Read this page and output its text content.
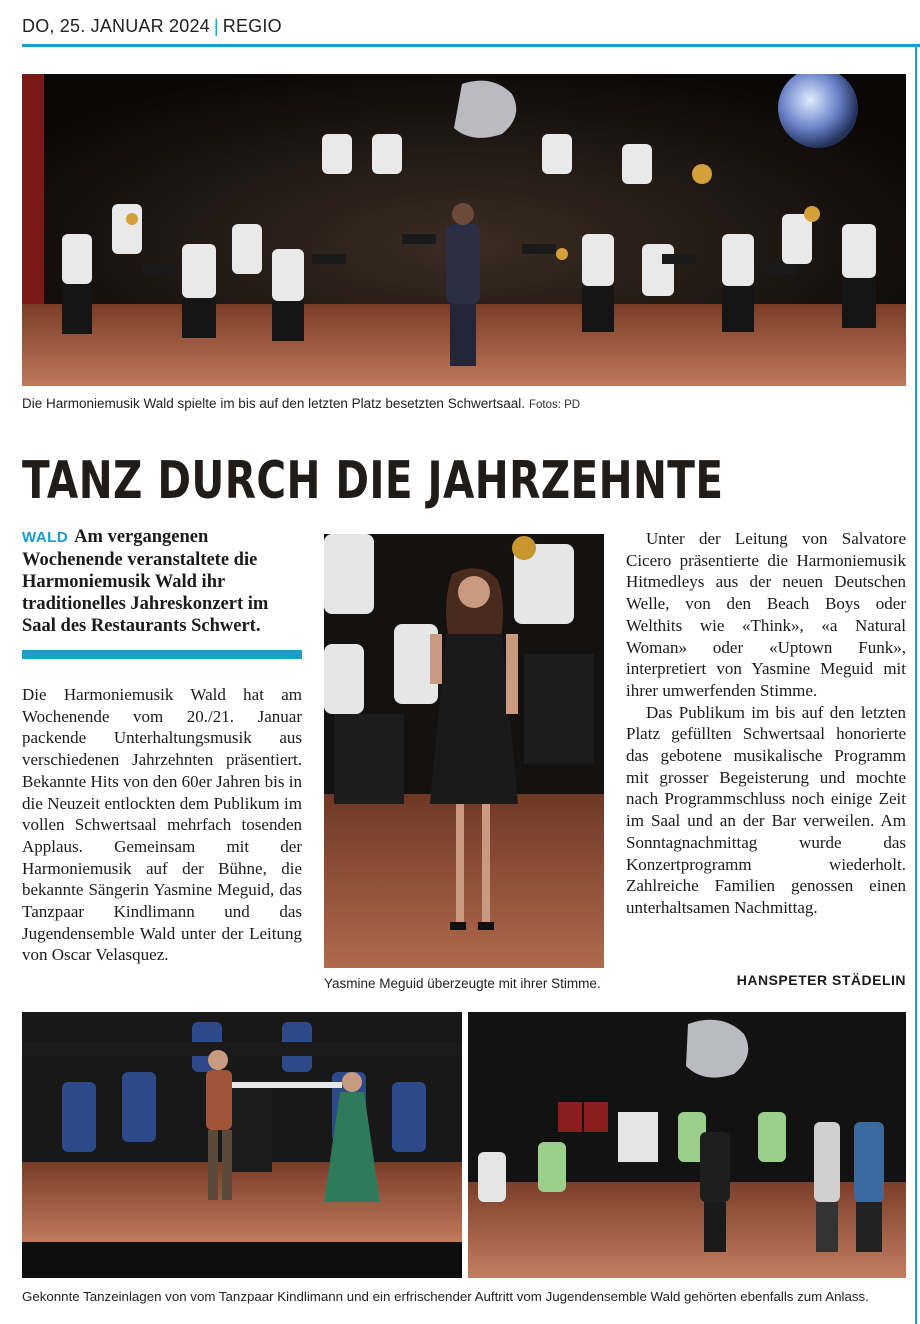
DO, 25. JANUAR 2024 | REGIO
Die Harmoniemusik Wald spielte im bis auf den letzten Platz besetzten Schwertsaal. Fotos: PD
TANZ DURCH DIE JAHRZEHNTE
WALD Am vergangenen Wochenende veranstaltete die Harmoniemusik Wald ihr traditionelles Jahreskonzert im Saal des Restaurants Schwert.

Die Harmoniemusik Wald hat am Wochenende vom 20./21. Januar packende Unterhaltungsmusik aus verschiedenen Jahrzehnten präsentiert. Bekannte Hits von den 60er Jahren bis in die Neuzeit entlockten dem Publikum im vollen Schwertsaal mehrfach tosenden Applaus. Gemeinsam mit der Harmoniemusik auf der Bühne, die bekannte Sängerin Yasmine Meguid, das Tanzpaar Kindlimann und das Jugendensemble Wald unter der Leitung von Oscar Velasquez.

Yasmine Meguid überzeugte mit ihrer Stimme.

Unter der Leitung von Salvatore Cicero präsentierte die Harmoniemusik Hitmedleys aus der neuen Deutschen Welle, von den Beach Boys oder Welthits wie «Think», «a Natural Woman» oder «Uptown Funk», interpretiert von Yasmine Meguid mit ihrer umwerfenden Stimme.

Das Publikum im bis auf den letzten Platz gefüllten Schwertsaal honorierte das gebotene musikalische Programm mit grosser Begeisterung und mochte nach Programmschluss noch einige Zeit im Saal und an der Bar verweilen. Am Sonntagnachmittag wurde das Konzertprogramm wiederholt. Zahlreiche Familien genossen einen unterhaltsamen Nachmittag.

HANSPETER STÄDELIN
Gekonnte Tanzeinlagen von vom Tanzpaar Kindlimann und ein erfrischender Auftritt vom Jugendensemble Wald gehörten ebenfalls zum Anlass.
